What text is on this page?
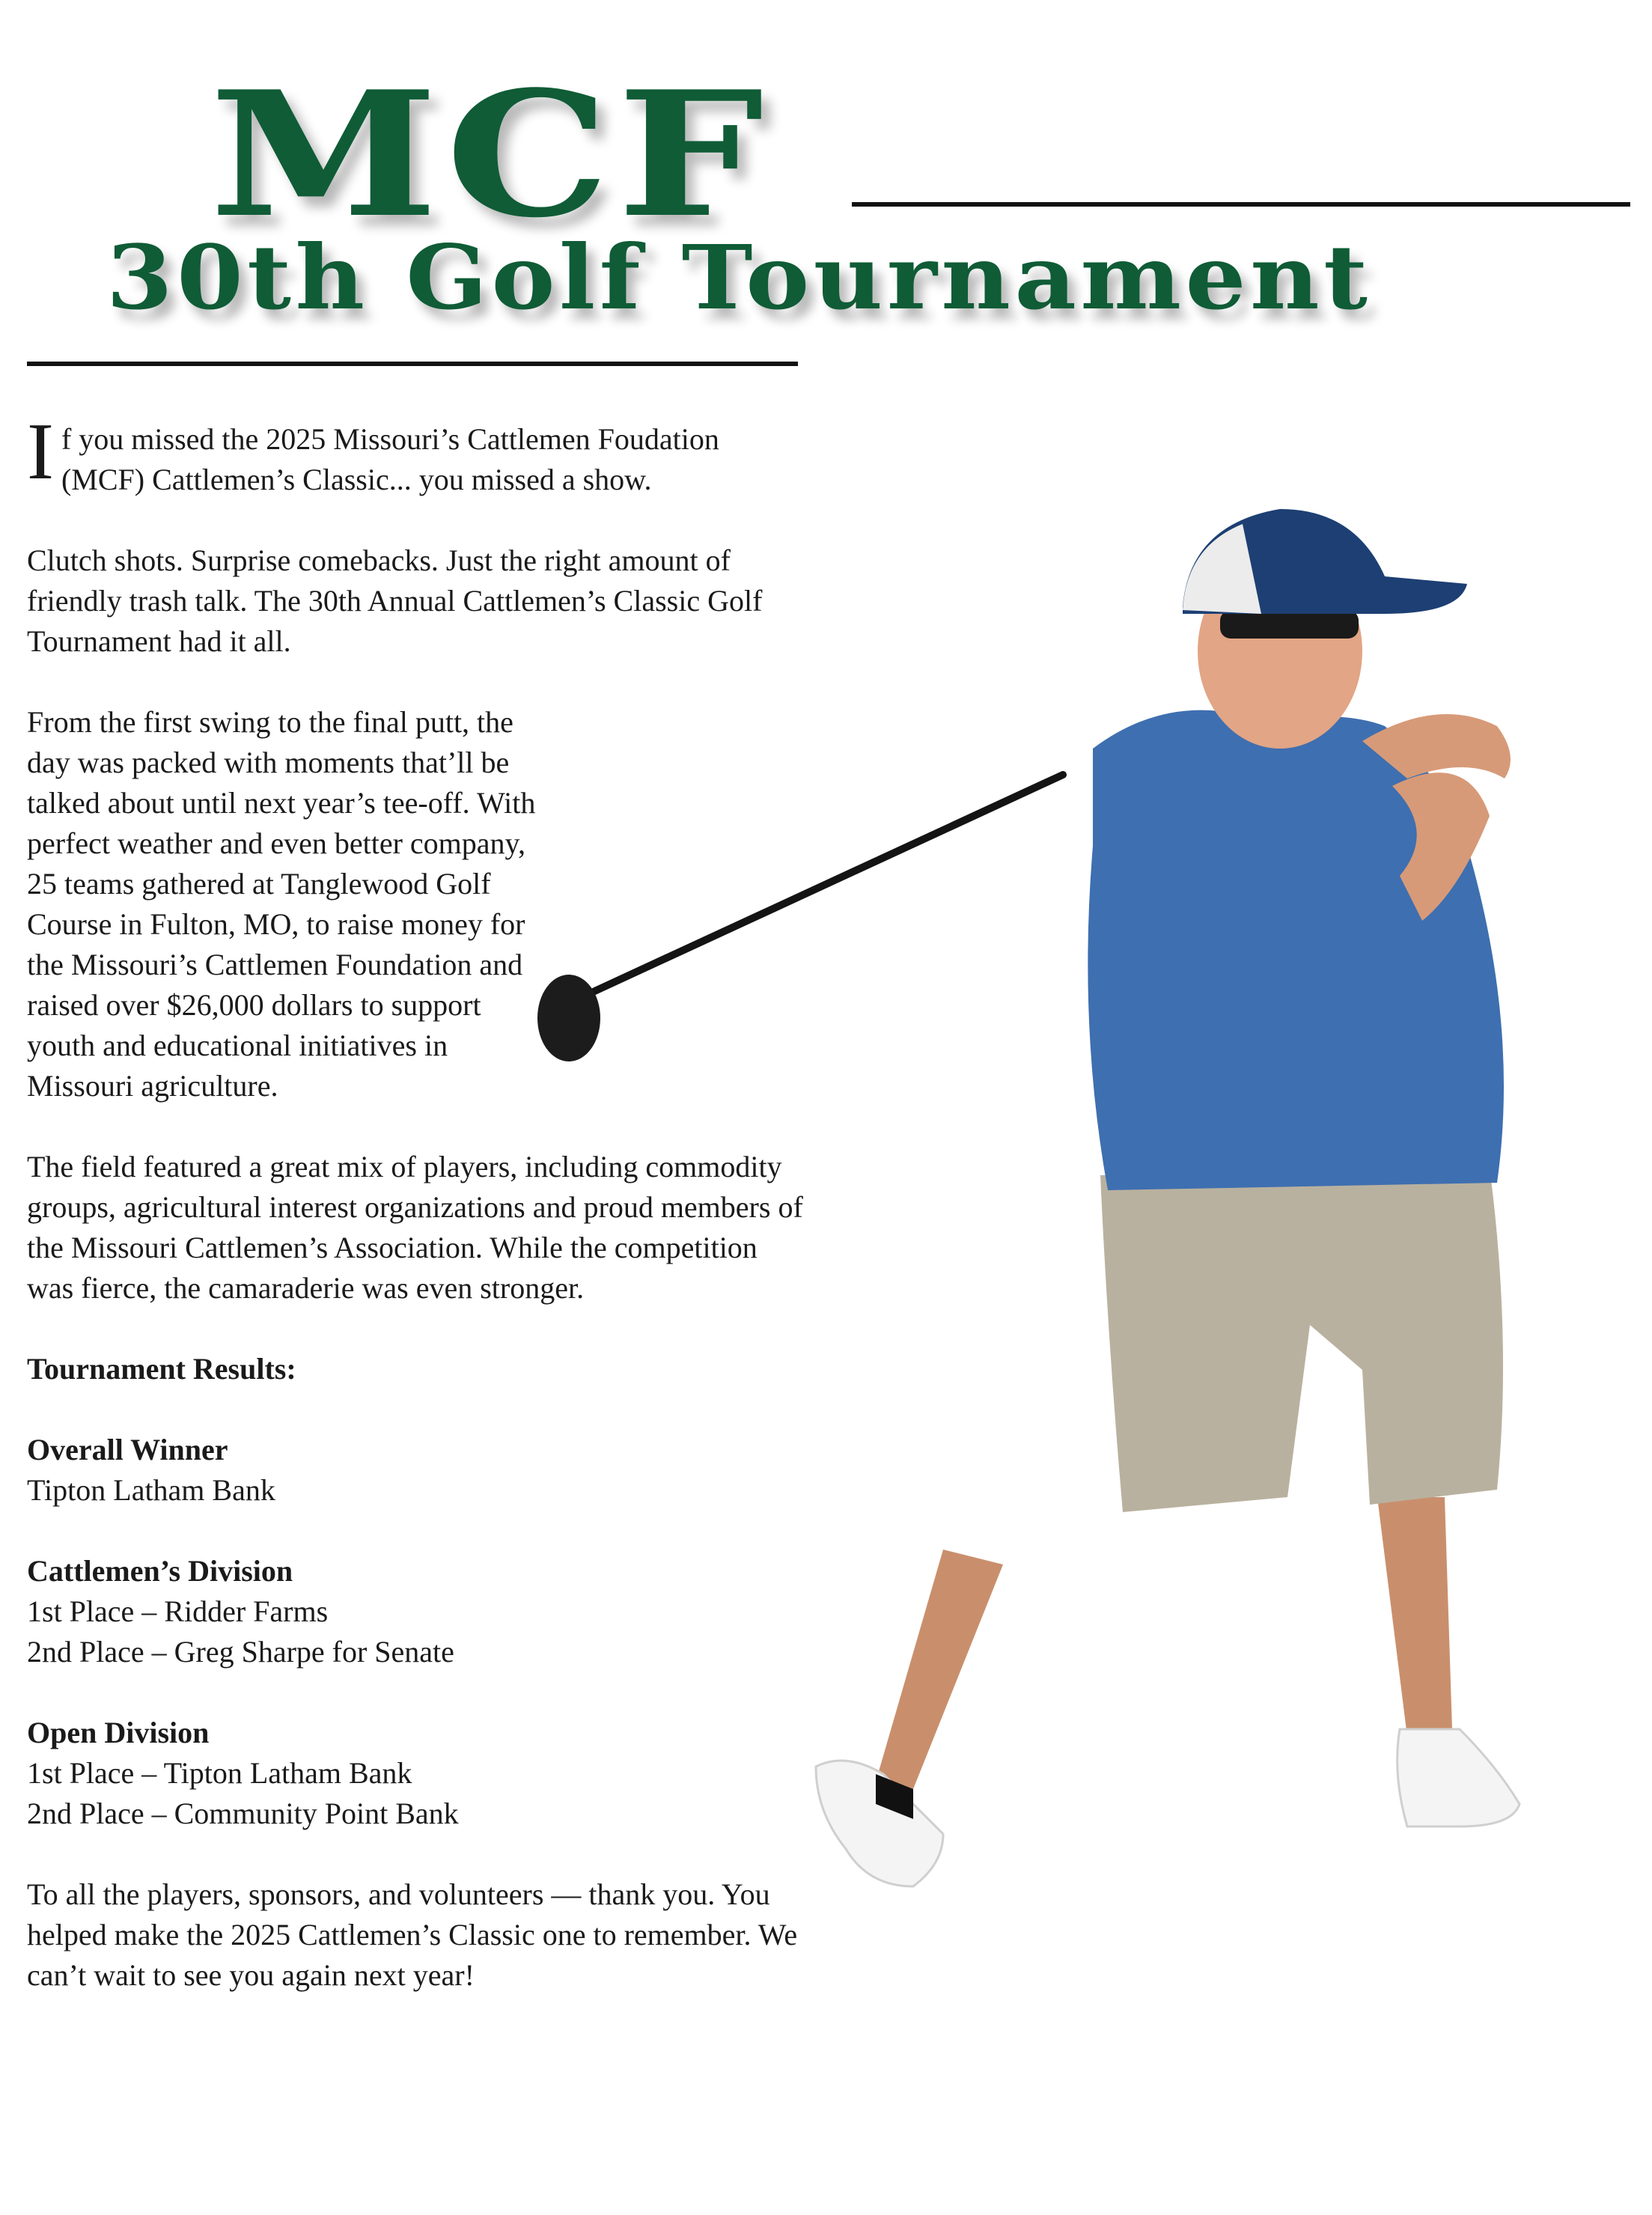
MCF
30th Golf Tournament

If you missed the 2025 Missouri’s Cattlemen Foudation (MCF) Cattlemen’s Classic... you missed a show.

Clutch shots. Surprise comebacks. Just the right amount of friendly trash talk. The 30th Annual Cattlemen’s Classic Golf Tournament had it all.

From the first swing to the final putt, the day was packed with moments that’ll be talked about until next year’s tee-off. With perfect weather and even better company, 25 teams gathered at Tanglewood Golf Course in Fulton, MO, to raise money for the Missouri’s Cattlemen Foundation and raised over $26,000 dollars to support youth and educational initiatives in Missouri agriculture.

The field featured a great mix of players, including commodity groups, agricultural interest organizations and proud members of the Missouri Cattlemen’s Association. While the competition was fierce, the camaraderie was even stronger.

Tournament Results:

Overall Winner
Tipton Latham Bank
Cattlemen’s Division
1st Place – Ridder Farms
2nd Place – Greg Sharpe for Senate
Open Division
1st Place – Tipton Latham Bank
2nd Place – Community Point Bank

To all the players, sponsors, and volunteers — thank you. You helped make the 2025 Cattlemen’s Classic one to remember. We can’t wait to see you again next year!
